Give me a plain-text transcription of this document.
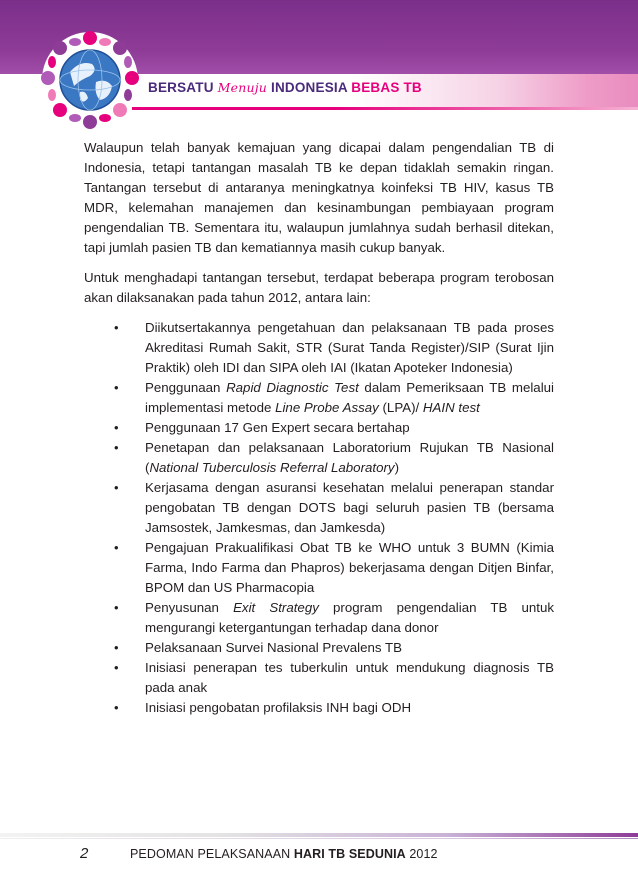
BERSATU Menuju INDONESIA BEBAS TB

Walaupun telah banyak kemajuan yang dicapai dalam pengendalian TB di Indonesia, tetapi tantangan masalah TB ke depan tidaklah semakin ringan. Tantangan tersebut di antaranya meningkatnya koinfeksi TB HIV, kasus TB MDR, kelemahan manajemen dan kesinambungan pembiayaan program pengendalian TB. Sementara itu, walaupun jumlahnya sudah berhasil ditekan, tapi jumlah pasien TB dan kematiannya masih cukup banyak.

Untuk menghadapi tantangan tersebut, terdapat beberapa program terobosan akan dilaksanakan pada tahun 2012, antara lain:

• Diikutsertakannya pengetahuan dan pelaksanaan TB pada proses Akreditasi Rumah Sakit, STR (Surat Tanda Register)/SIP (Surat Ijin Praktik) oleh IDI dan SIPA oleh IAI (Ikatan Apoteker Indonesia)
• Penggunaan Rapid Diagnostic Test dalam Pemeriksaan TB melalui implementasi metode Line Probe Assay (LPA)/ HAIN test
• Penggunaan 17 Gen Expert secara bertahap
• Penetapan dan pelaksanaan Laboratorium Rujukan TB Nasional (National Tuberculosis Referral Laboratory)
• Kerjasama dengan asuransi kesehatan melalui penerapan standar pengobatan TB dengan DOTS bagi seluruh pasien TB (bersama Jamsostek, Jamkesmas, dan Jamkesda)
• Pengajuan Prakualifikasi Obat TB ke WHO untuk 3 BUMN (Kimia Farma, Indo Farma dan Phapros) bekerjasama dengan Ditjen Binfar, BPOM dan US Pharmacopia
• Penyusunan Exit Strategy program pengendalian TB untuk mengurangi ketergantungan terhadap dana donor
• Pelaksanaan Survei Nasional Prevalens TB
• Inisiasi penerapan tes tuberkulin untuk mendukung diagnosis TB pada anak
• Inisiasi pengobatan profilaksis INH bagi ODH
2	PEDOMAN PELAKSANAAN HARI TB SEDUNIA 2012
